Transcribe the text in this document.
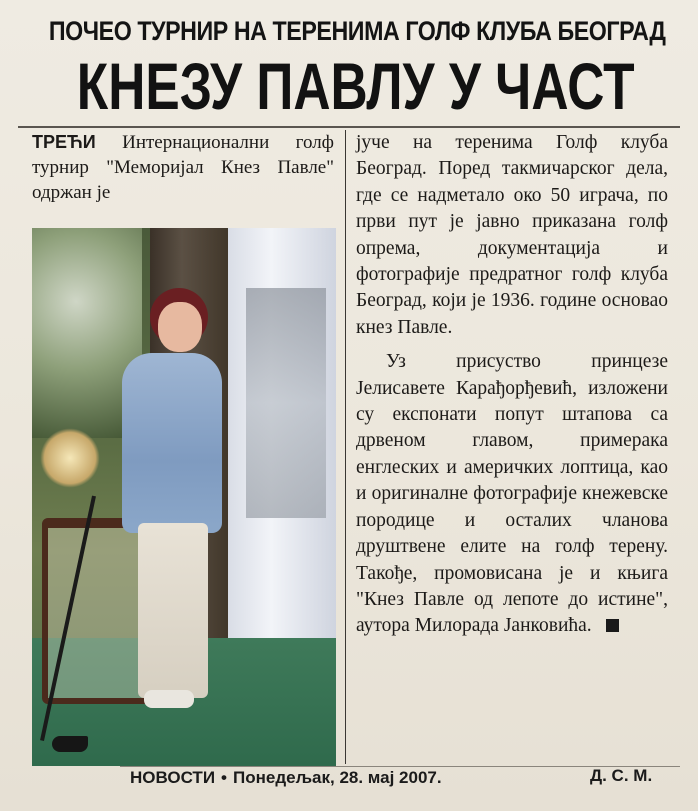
ПОЧЕО ТУРНИР НА ТЕРЕНИМА ГОЛФ КЛУБА БЕОГРАД
КНЕЗУ ПАВЛУ У ЧАСТ
ТРЕЋИ Интернационални голф турнир "Мемоpијал Кнез Павле" одржан је

јуче на теренима Голф клуба Београд. Поред такмичарског дела, где се надметало око 50 играча, по први пут је јавно приказана голф опрема, документација и фотографије предратног голф клуба Београд, који је 1936. године основао кнез Павле.

Уз присуство принцезе Јелисавете Карађорђевић, изложени су експонати попут штапова са дрвеном главом, примерака енглеских и америчких лоптица, као и оригиналне фотографије кнежевске породице и осталих чланова друштвене елите на голф терену. Такође, промовисана је и књига "Кнез Павле од лепоте до истине", аутора Милорада Јанковића.

НОВОСТИ • Понедељак, 28. мај 2007.	Д. С. М.
